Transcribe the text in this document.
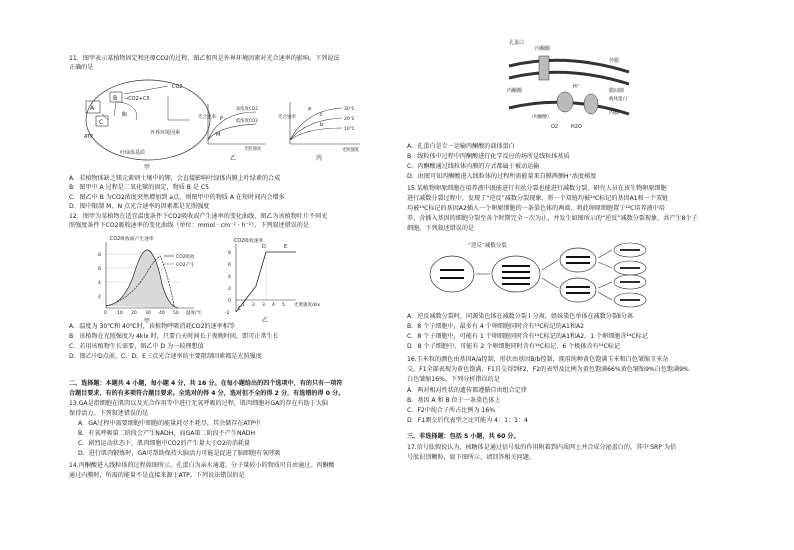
11．图甲表示某植物固定和还原CO2的过程，图乙和丙是外界环境因素对光合速率的影响。下列说法
正确的是
A
B
C
→CO2+C5
CO2
酶
ATP
外界环境因素
叶绿体基质
甲
光合速率 P
M
高浓度CO2
低浓度CO2
光照强度
乙
光合速率
a
c
b
30℃
20℃
10℃
光照强度
丙
A．若植物体缺乏镁元素则土壤中的钾，会直接影响叶绿体内膜上叶绿素的合成
B．图甲中 A 过程是二氧化碳的固定，物质 B 是 C5
C．图乙中 B 为CO2浓度突然增加到 a点，则图甲中的物质 A 在短时间内会增多
D．图中限制 M、N 点光合速率的因素都是光照强度
12．图甲为某植物在适宜温度条件下CO2吸收或产生速率的变化曲线，图乙为该植物叶片不同光
照强度条件下CO2吸收速率的变化曲线（单位：mmol · cm⁻² · h⁻¹）。下列叙述错误的是
CO2吸收或产生速率
8
6
4
2
CO2吸收
CO2产生
0 10 20 30 40 50 温度/℃
甲
CO2吸收速率
8
6
4
2
0
-2
D	E
C
1 2 3 4 5 光照强度/klx
乙
A．温度为 30℃和 40℃时，该植物呼吸消耗CO2的速率相等
B．该植物在光照强度为 4klx 时，只要白天时间长于夜晚时间，即可正常生长
C．若用该植物生长需要，图乙中 D 为一较理想值
D．图乙中D点前，C、D、E三点光合速率的主要限制因素都是光照强度
二、选择题：本题共 4 小题，每小题 4 分，共 16 分。在每小题给出的四个选项中，有的只有一项符
合题目要求，有的有多项符合题目要求。全选对的得 4 分，选对但不全的得 2 分，有选错的得 0 分。
13.GA是指细胞在肌肉以及光合作用等中进行无氧呼吸的过程，肌肉细胞对GA的存在有助于大脑
保持活力。下列叙述错误的是
A．GA过程中需要细胞中细胞的能量耗尽不耗尽，其余储存在ATP中
B．有氧呼吸第二阶段会产生NADH，而GA第二阶段不产生NADH
C．剧烈运动状态下，肌肉细胞中CO2的产生量大于O2的消耗量
D．进行肌肉锻炼时，GA可帮助保持大脑活力可能是促进了脑细胞有氧呼吸
14.丙酮酸进入线粒体的过程如图所示，孔蛋白为亲水通道，分子量较小的物质可自由通过。丙酮酸
通过内膜时，所需的能量不是直接来源于ATP。下列说法错误的是
孔蛋白
丙酮酸
外膜
膜间隙
丙酮酸
内膜
载体蛋白
H⁺
O2	H2O
（丙酮酸）
A．孔蛋白是专一运输丙酮酸的载体蛋白
B．线粒体中过程中丙酮酸进行化学反应的场所是线粒体基质
C．丙酮酸通过线粒体内膜的方式都属于被动运输
D．由图可知丙酮酸进入线粒体的过程所需能量来自膜两侧H⁺浓度梯度
15.某植物卵原细胞在培养液中既能进行有丝分裂也能进行减数分裂。研究人员在该生物卵原细胞
进行减数分裂过程中，发现了“逆反”减数分裂现象，将一个双链均被¹⁴C标记的基因A1和一个双链
均被¹⁴C标记的基因A2插入一个卵原细胞的一条染色体的两端，将此卵原细胞置于¹²C培养液中培
养，含插入基因的细胞分裂至各个时期完全一次为止，并发生如图所示的“逆反”减数分裂现象，共产生8个子
细胞。下列叙述错误的是
“逆反”减数分裂
A．逆反减数分裂时，同源染色体在减数分裂 I 分离，姐妹染色单体在减数分裂Ⅱ分离
B．8 个子细胞中，最多有 4 个卵细胞同时含有¹⁴C标记的A1和A2
C．8 个子细胞中，可能有 1 个卵细胞同时含有¹⁴C标记的A1和A2，1 个卵细胞含¹⁴C标记
D．8 个子细胞中，可能有 2 个卵细胞同时含有¹⁴C标记，6 个极体含有¹⁴C标记
16.玉米粒的颜色由基因A/a控制，形状由基因B/b控制，现用纯种黄色饱满玉米和白色皱缩玉米杂
交，F1全部表现为黄色饱满，F1自交得到F2，F2的表型及比例为黄色饱满66%黄色皱缩9%白色饱满9%
白色皱缩16%。下列分析错误的是
A．两对相对性状的遗传都遵循自由组合定律
B．基因 A 和 B 位于一条染色体上
C．F2中纯合子所占比例为 16%
D．F1测交后代表型之比可能为 4：1：1：4
三、非选择题：包括 5 小题，共 60 分。
17.信号肽假说认为，核糖体是通过信号肽的作用附着到内质网上并合成分泌蛋白的，其中 SRP 为信
号肽识别颗粒，如下图所示，请回答相关问题。
